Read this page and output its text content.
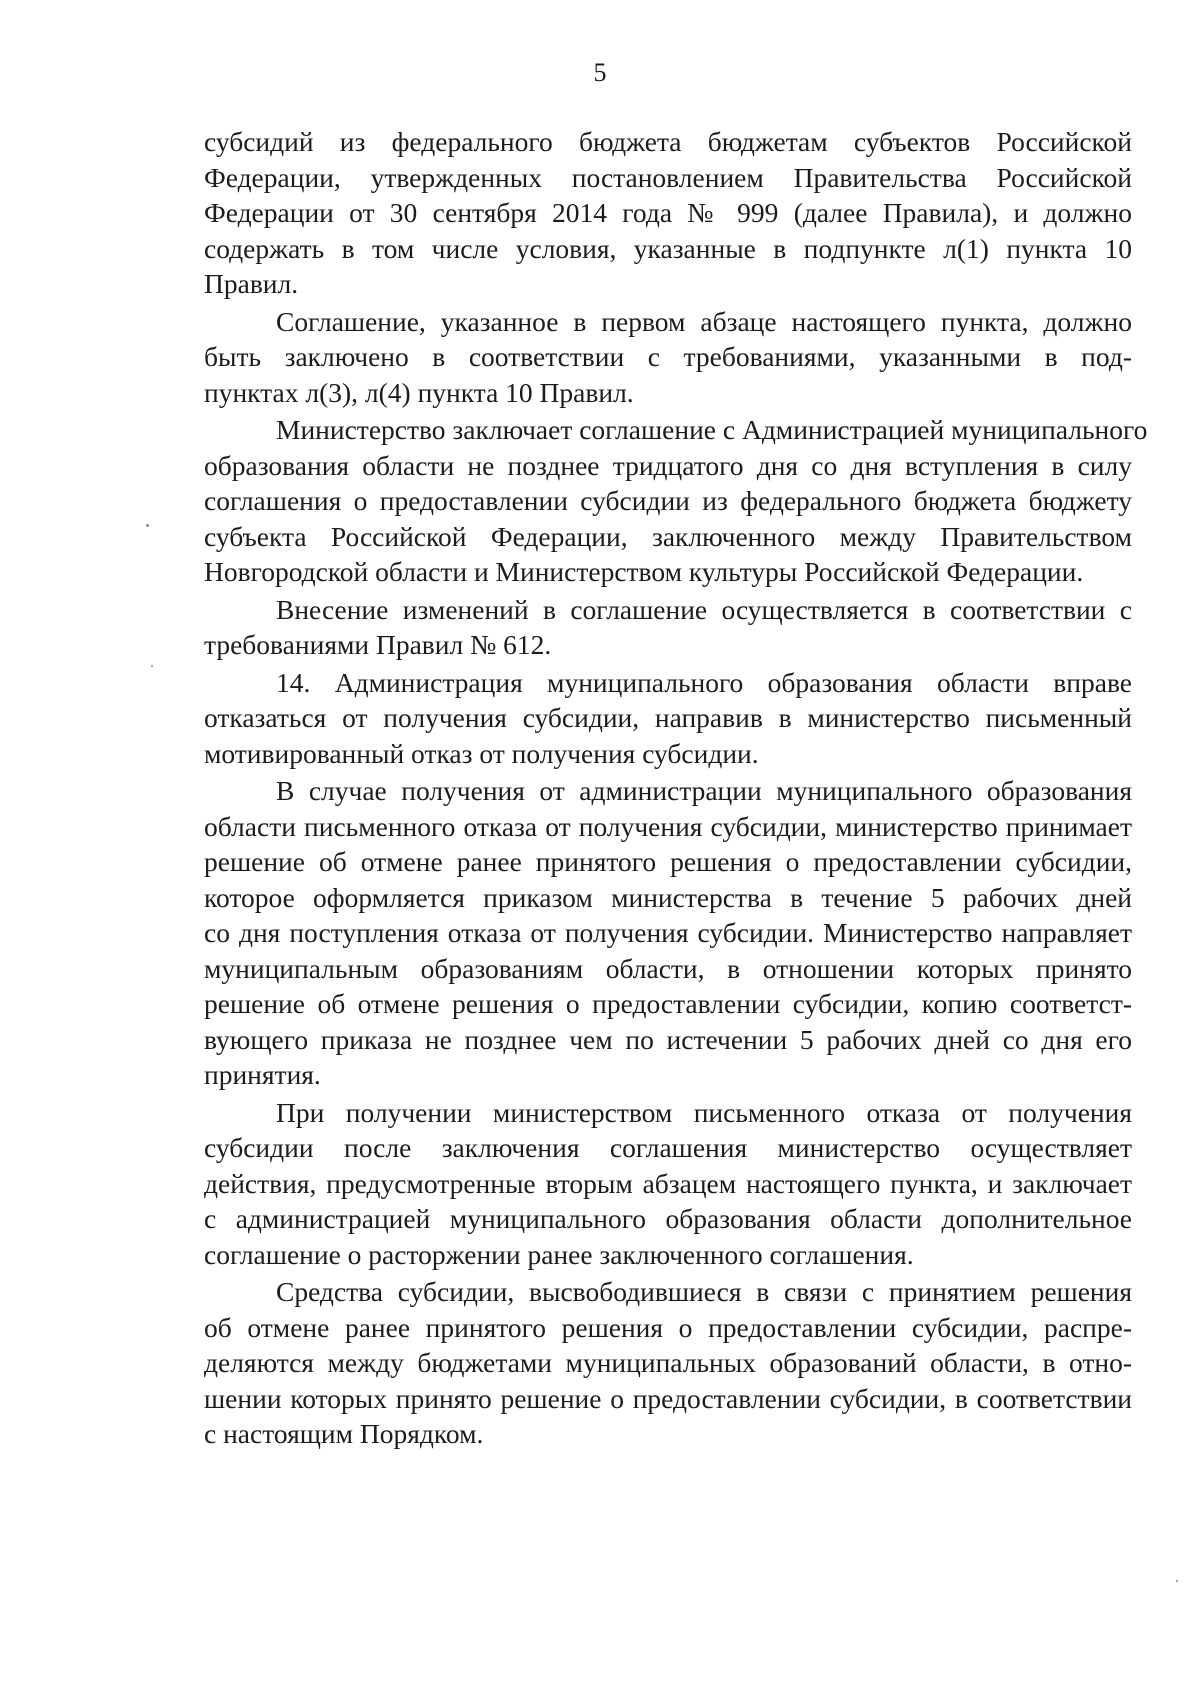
5
субсидий из федерального бюджета бюджетам субъектов Российской
Федерации, утвержденных постановлением Правительства Российской
Федерации от 30 сентября 2014 года № 999 (далее Правила), и должно
содержать в том числе условия, указанные в подпункте л(1) пункта 10
Правил.
Соглашение, указанное в первом абзаце настоящего пункта, должно
быть заключено в соответствии с требованиями, указанными в под-
пунктах л(3), л(4) пункта 10 Правил.
Министерство заключает соглашение с Администрацией муниципального
образования области не позднее тридцатого дня со дня вступления в силу
соглашения о предоставлении субсидии из федерального бюджета бюджету
субъекта Российской Федерации, заключенного между Правительством
Новгородской области и Министерством культуры Российской Федерации.
Внесение изменений в соглашение осуществляется в соответствии с
требованиями Правил № 612.
14. Администрация муниципального образования области вправе
отказаться от получения субсидии, направив в министерство письменный
мотивированный отказ от получения субсидии.
В случае получения от администрации муниципального образования
области письменного отказа от получения субсидии, министерство принимает
решение об отмене ранее принятого решения о предоставлении субсидии,
которое оформляется приказом министерства в течение 5 рабочих дней
со дня поступления отказа от получения субсидии. Министерство направляет
муниципальным образованиям области, в отношении которых принято
решение об отмене решения о предоставлении субсидии, копию соответст-
вующего приказа не позднее чем по истечении 5 рабочих дней со дня его
принятия.
При получении министерством письменного отказа от получения
субсидии после заключения соглашения министерство осуществляет
действия, предусмотренные вторым абзацем настоящего пункта, и заключает
с администрацией муниципального образования области дополнительное
соглашение о расторжении ранее заключенного соглашения.
Средства субсидии, высвободившиеся в связи с принятием решения
об отмене ранее принятого решения о предоставлении субсидии, распре-
деляются между бюджетами муниципальных образований области, в отно-
шении которых принято решение о предоставлении субсидии, в соответствии
с настоящим Порядком.
